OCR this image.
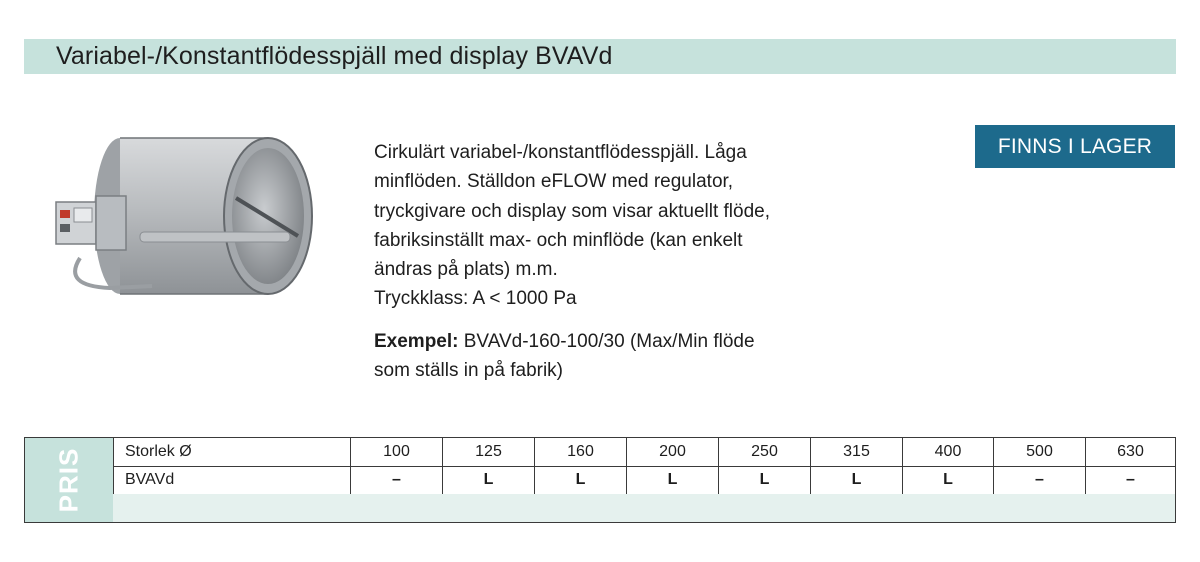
Variabel-/Konstantflödesspjäll med display BVAVd

Cirkulärt variabel-/konstantflödesspjäll. Låga

minflöden. Ställdon eFLOW med regulator,

tryckgivare och display som visar aktuellt flöde,

fabriksinställt max- och minflöde (kan enkelt

ändras på plats) m.m.

Tryckklass: A < 1000 Pa

Exempel: BVAVd-160-100/30 (Max/Min flöde
som ställs in på fabrik)
FINNS I LAGER
PRIS	Storlek Ø	100	125	160	200	250	315	400	500	630
BVAVd	–	L	L	L	L	L	L	–	–
